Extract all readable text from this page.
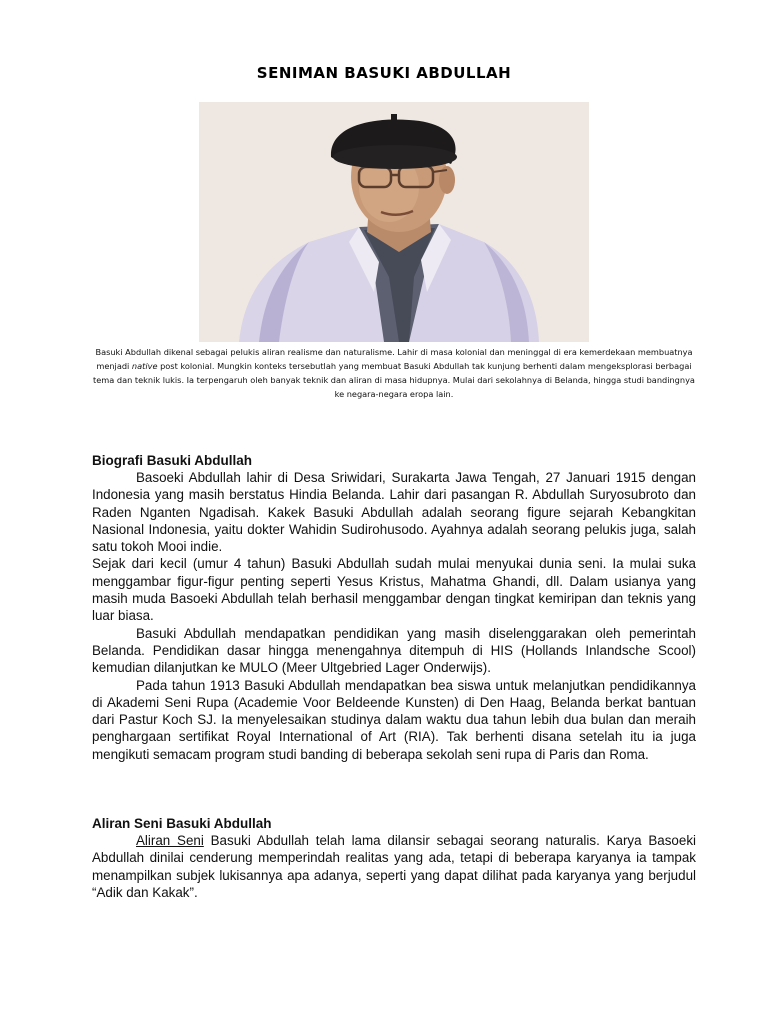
SENIMAN BASUKI ABDULLAH
Basuki Abdullah dikenal sebagai pelukis aliran realisme dan naturalisme. Lahir di masa kolonial dan meninggal di era kemerdekaan membuatnya menjadi native post kolonial. Mungkin konteks tersebutlah yang membuat Basuki Abdullah tak kunjung berhenti dalam mengeksplorasi berbagai tema dan teknik lukis. Ia terpengaruh oleh banyak teknik dan aliran di masa hidupnya. Mulai dari sekolahnya di Belanda, hingga studi bandingnya ke negara-negara eropa lain.
Biografi Basuki Abdullah

Basoeki Abdullah lahir di Desa Sriwidari, Surakarta Jawa Tengah, 27 Januari 1915 dengan Indonesia yang masih berstatus Hindia Belanda. Lahir dari pasangan R. Abdullah Suryosubroto dan Raden Nganten Ngadisah. Kakek Basuki Abdullah adalah seorang figure sejarah Kebangkitan Nasional Indonesia, yaitu dokter Wahidin Sudirohusodo. Ayahnya adalah seorang pelukis juga, salah satu tokoh Mooi indie.

Sejak dari kecil (umur 4 tahun) Basuki Abdullah sudah mulai menyukai dunia seni. Ia mulai suka menggambar figur-figur penting seperti Yesus Kristus, Mahatma Ghandi, dll. Dalam usianya yang masih muda Basoeki Abdullah telah berhasil menggambar dengan tingkat kemiripan dan teknis yang luar biasa.

Basuki Abdullah mendapatkan pendidikan yang masih diselenggarakan oleh pemerintah Belanda. Pendidikan dasar hingga menengahnya ditempuh di HIS (Hollands Inlandsche Scool) kemudian dilanjutkan ke MULO (Meer Ultgebried Lager Onderwijs).

Pada tahun 1913 Basuki Abdullah mendapatkan bea siswa untuk melanjutkan pendidikannya di Akademi Seni Rupa (Academie Voor Beldeende Kunsten) di Den Haag, Belanda berkat bantuan dari Pastur Koch SJ. Ia menyelesaikan studinya dalam waktu dua tahun lebih dua bulan dan meraih penghargaan sertifikat Royal International of Art (RIA). Tak berhenti disana setelah itu ia juga mengikuti semacam program studi banding di beberapa sekolah seni rupa di Paris dan Roma.

Aliran Seni Basuki Abdullah

Aliran Seni Basuki Abdullah telah lama dilansir sebagai seorang naturalis. Karya Basoeki Abdullah dinilai cenderung memperindah realitas yang ada, tetapi di beberapa karyanya ia tampak menampilkan subjek lukisannya apa adanya, seperti yang dapat dilihat pada karyanya yang berjudul “Adik dan Kakak”.
